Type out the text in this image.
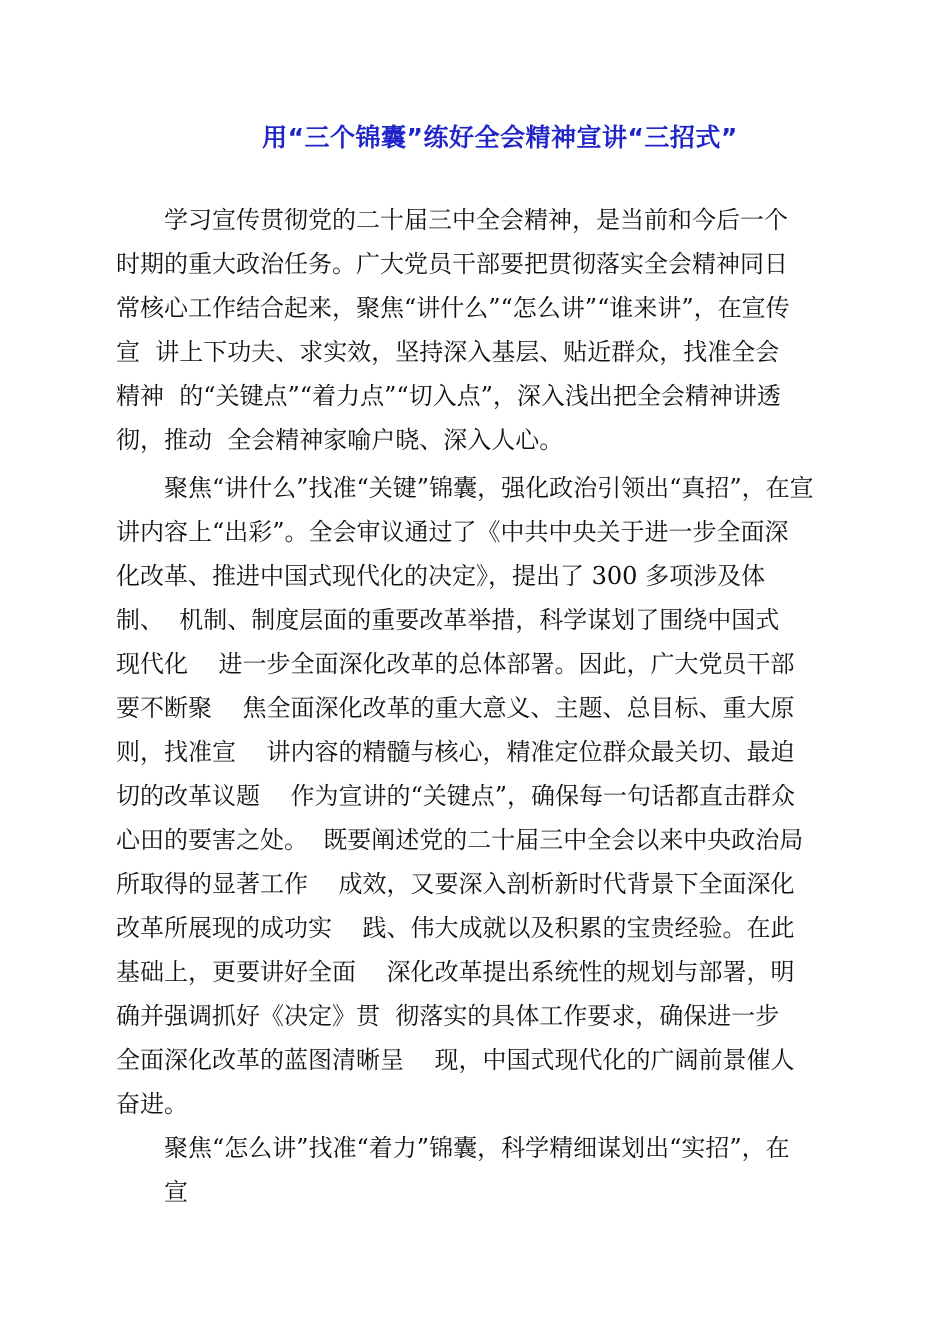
用“三个锦囊”练好全会精神宣讲“三招式”
学习宣传贯彻党的二十届三中全会精神，是当前和今后一个
时期的重大政治任务。广大党员干部要把贯彻落实全会精神同日
常核心工作结合起来，聚焦“讲什么”“怎么讲”“谁来讲”，在宣传
宣  讲上下功夫、求实效，坚持深入基层、贴近群众，找准全会
精神  的“关键点”“着力点”“切入点”，深入浅出把全会精神讲透
彻，推动  全会精神家喻户晓、深入人心。
聚焦“讲什么”找准“关键”锦囊，强化政治引领出“真招”，在宣
讲内容上“出彩”。全会审议通过了《中共中央关于进一步全面深
化改革、推进中国式现代化的决定》，提出了 300 多项涉及体
制、  机制、制度层面的重要改革举措，科学谋划了围绕中国式
现代化    进一步全面深化改革的总体部署。因此，广大党员干部
要不断聚    焦全面深化改革的重大意义、主题、总目标、重大原
则，找准宣    讲内容的精髓与核心，精准定位群众最关切、最迫
切的改革议题    作为宣讲的“关键点”，确保每一句话都直击群众
心田的要害之处。  既要阐述党的二十届三中全会以来中央政治局
所取得的显著工作    成效，又要深入剖析新时代背景下全面深化
改革所展现的成功实    践、伟大成就以及积累的宝贵经验。在此
基础上，更要讲好全面    深化改革提出系统性的规划与部署，明
确并强调抓好《决定》贯  彻落实的具体工作要求，确保进一步
全面深化改革的蓝图清晰呈    现，中国式现代化的广阔前景催人
奋进。
聚焦“怎么讲”找准“着力”锦囊，科学精细谋划出“实招”，在
宣
